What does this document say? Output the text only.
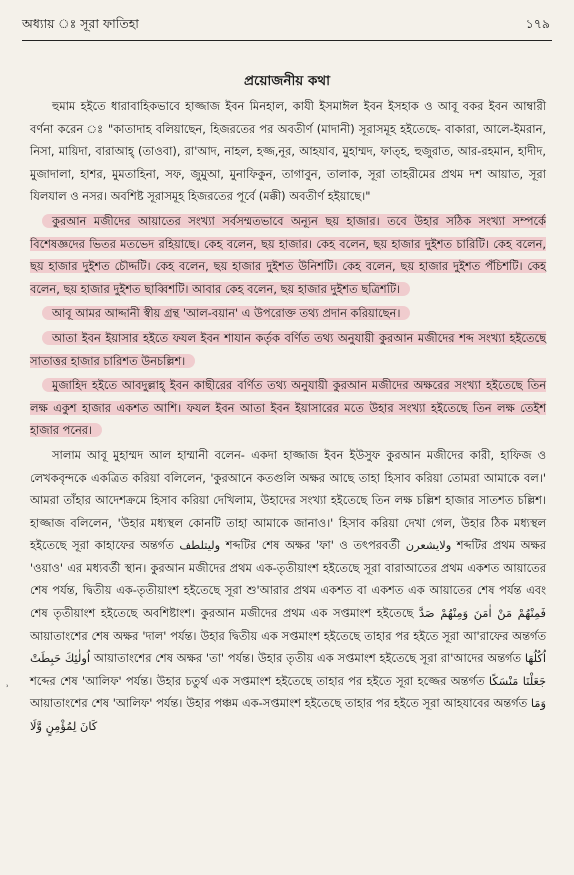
অধ্যায় ঃ সূরা ফাতিহা	১৭৯
প্রয়োজনীয় কথা

হুমাম হইতে ধারাবাহিকভাবে হাজ্জাজ ইবন মিনহাল, কাযী ইসমাঈল ইবন ইসহাক ও আবূ বকর ইবন আম্বারী বর্ণনা করেন ঃ "কাতাদাহ বলিয়াছেন, হিজরতের পর অবতীর্ণ (মাদানী) সূরাসমূহ হইতেছে- বাকারা, আলে-ইমরান, নিসা, মায়িদা, বারাআহ্ (তাওবা), রা'আদ, নাহল, হজ্জ,নূর, আহযাব, মুহাম্মদ, ফাত্হ, হুজুরাত, আর-রহমান, হাদীদ, মুজাদালা, হাশর, মুমতাহিনা, সফ, জুমুআ, মুনাফিকুন, তাগাবুন, তালাক, সূরা তাহরীমের প্রথম দশ আয়াত, সূরা যিলযাল ও নসর। অবশিষ্ট সূরাসমূহ হিজরতের পূর্বে (মক্কী) অবতীর্ণ হইয়াছে।"

কুরআন মজীদের আয়াতের সংখ্যা সর্বসম্মতভাবে অন্যূন ছয় হাজার। তবে উহার সঠিক সংখ্যা সম্পর্কে বিশেষজ্ঞদের ভিতর মতভেদ রহিয়াছে। কেহ বলেন, ছয় হাজার। কেহ বলেন, ছয় হাজার দুইশত চারিটি। কেহ বলেন, ছয় হাজার দুইশত চৌদ্দটি। কেহ বলেন, ছয় হাজার দুইশত উনিশটি। কেহ বলেন, ছয় হাজার দুইশত পঁচিশটি। কেহ বলেন, ছয় হাজার দুইশত ছাব্বিশটি। আবার কেহ বলেন, ছয় হাজার দুইশত ছত্রিশটি।

আবূ আমর আদ্দানী স্বীয় গ্রন্থ 'আল-বয়ান' এ উপরোক্ত তথ্য প্রদান করিয়াছেন।

আতা ইবন ইয়াসার হইতে ফযল ইবন শাযান কর্তৃক বর্ণিত তথ্য অনুযায়ী কুরআন মজীদের শব্দ সংখ্যা হইতেছে সাতাত্তর হাজার চারিশত উনচল্লিশ।

মুজাহিদ হইতে আবদুল্লাহ্ ইবন কাছীরের বর্ণিত তথ্য অনুযায়ী কুরআন মজীদের অক্ষরের সংখ্যা হইতেছে তিন লক্ষ একুশ হাজার একশত আশি। ফযল ইবন আতা ইবন ইয়াসারের মতে উহার সংখ্যা হইতেছে তিন লক্ষ তেইশ হাজার পনের।

সালাম আবূ মুহাম্মদ আল হাম্মানী বলেন- একদা হাজ্জাজ ইবন ইউসুফ কুরআন মজীদের কারী, হাফিজ ও লেখকবৃন্দকে একত্রিত করিয়া বলিলেন, 'কুরআনে কতগুলি অক্ষর আছে তাহা হিসাব করিয়া তোমরা আমাকে বল।' আমরা তাঁহার আদেশক্রমে হিসাব করিয়া দেখিলাম, উহাদের সংখ্যা হইতেছে তিন লক্ষ চল্লিশ হাজার সাতশত চল্লিশ। হাজ্জাজ বলিলেন, 'উহার মধ্যস্থল কোনটি তাহা আমাকে জানাও।' হিসাব করিয়া দেখা গেল, উহার ঠিক মধ্যস্থল হইতেছে সূরা কাহাফের অন্তর্গত وليتلطف শব্দটির শেষ অক্ষর 'ফা' ও তৎপরবর্তী ولايشعرن শব্দটির প্রথম অক্ষর 'ওয়াও' এর মধ্যবর্তী স্থান। কুরআন মজীদের প্রথম এক-তৃতীয়াংশ হইতেছে সূরা বারাআতের প্রথম একশত আয়াতের শেষ পর্যন্ত, দ্বিতীয় এক-তৃতীয়াংশ হইতেছে সূরা শু'আরার প্রথম একশত বা একশত এক আয়াতের শেষ পর্যন্ত এবং শেষ তৃতীয়াংশ হইতেছে অবশিষ্টাংশ। কুরআন মজীদের প্রথম এক সপ্তমাংশ হইতেছে فَمِنْهُمْ مَنْ اٰمَنَ وَمِنْهُمْ صَدَّ আয়াতাংশের শেষ অক্ষর 'দাল' পর্যন্ত। উহার দ্বিতীয় এক সপ্তমাংশ হইতেছে তাহার পর হইতে সূরা আ'রাফের অন্তর্গত اُولٰئِكَ حَبِطَتْ আয়াতাংশের শেষ অক্ষর 'তা' পর্যন্ত। উহার তৃতীয় এক সপ্তমাংশ হইতেছে সূরা রা'আদের অন্তর্গত اُكُلُهَا শব্দের শেষ 'আলিফ' পর্যন্ত। উহার চতুর্থ এক সপ্তমাংশ হইতেছে তাহার পর হইতে সূরা হজ্জের অন্তর্গত جَعَلْنَا مَنْسَكًا আয়াতাংশের শেষ 'আলিফ' পর্যন্ত। উহার পঞ্চম এক-সপ্তমাংশ হইতেছে তাহার পর হইতে সূরা আহযাবের অন্তর্গত وَمَا كَانَ لِمُؤْمِنٍ وَّلَا

ʾ
